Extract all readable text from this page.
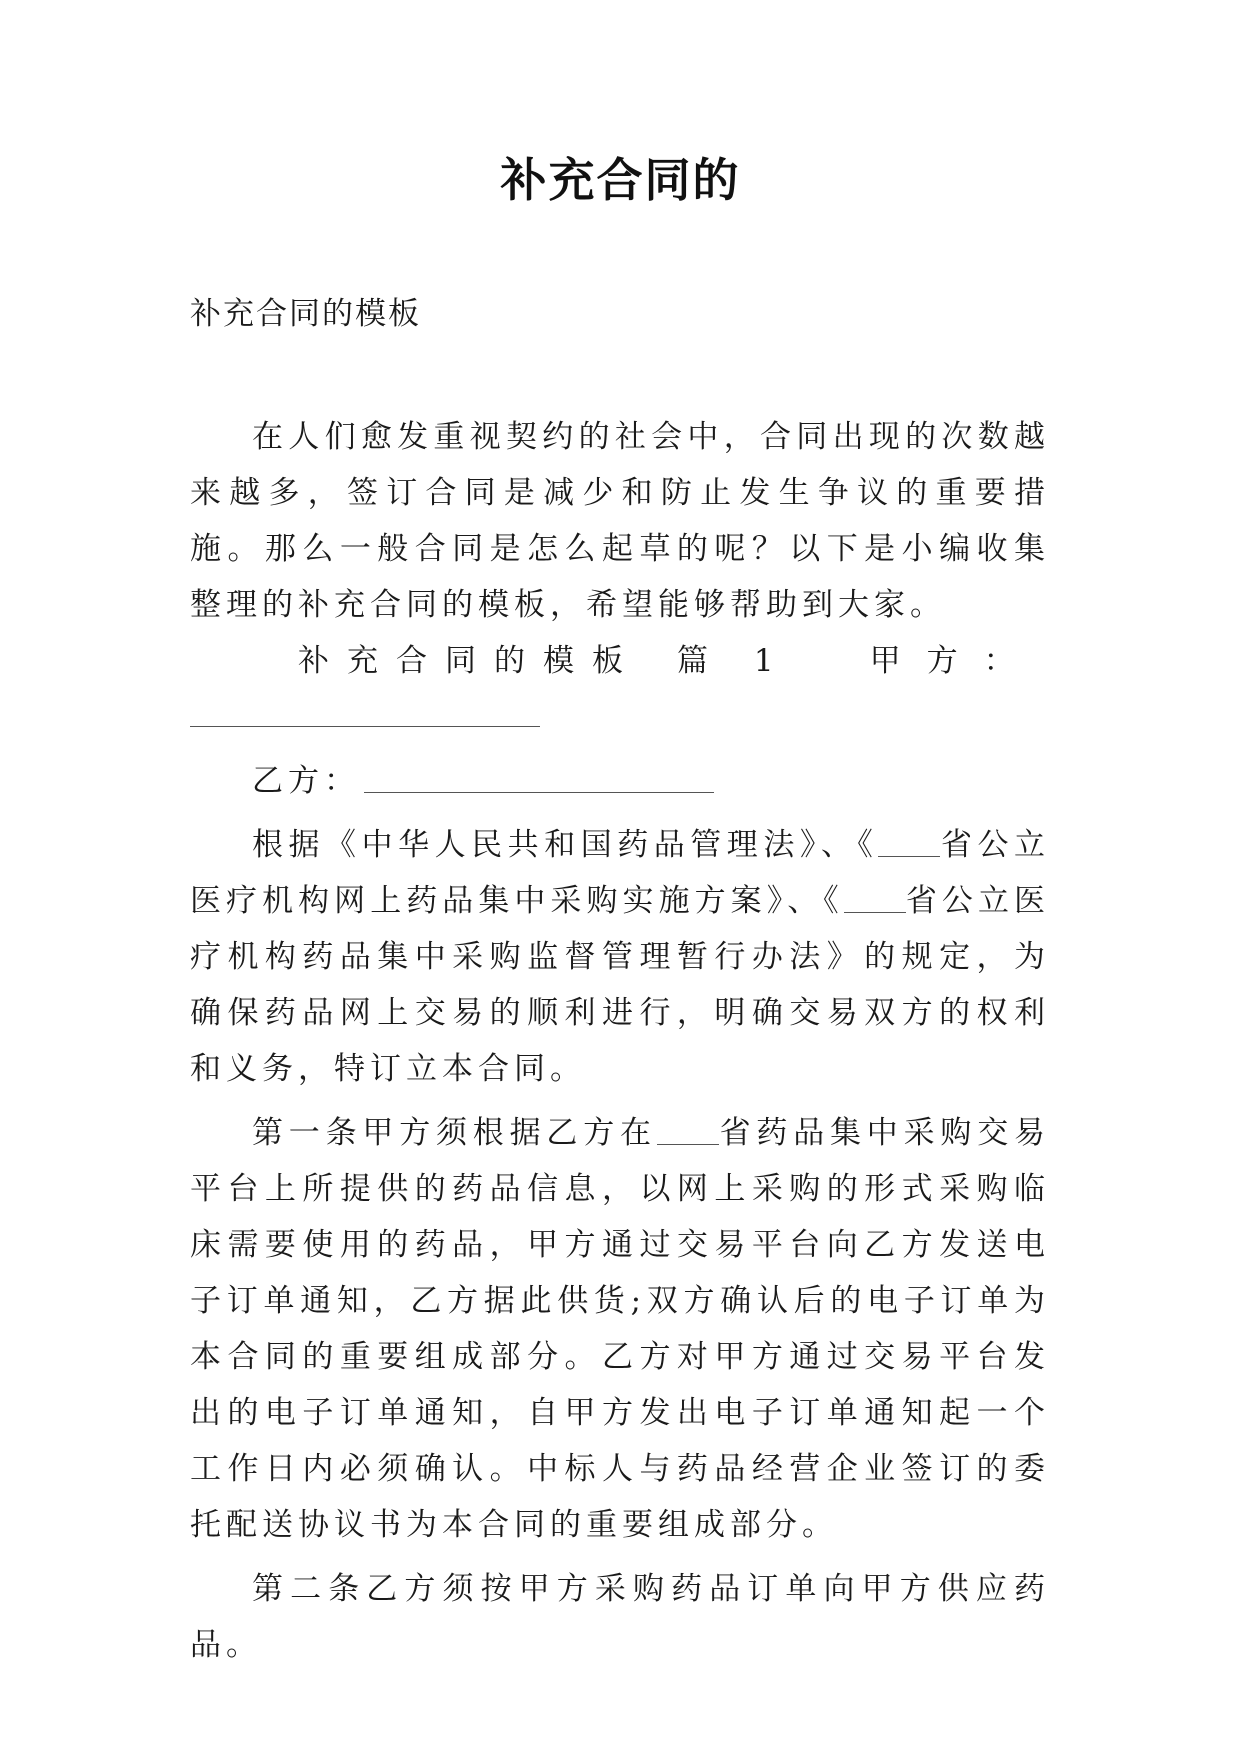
补充合同的
补充合同的模板

在人们愈发重视契约的社会中，合同出现的次数越来越多，签订合同是减少和防止发生争议的重要措施。那么一般合同是怎么起草的呢？以下是小编收集整理的补充合同的模板，希望能够帮助到大家。

补充合同的模板 篇 1	甲方：

乙方：

根据《中华人民共和国药品管理法》、《 省公立医疗机构网上药品集中采购实施方案》、《 省公立医疗机构药品集中采购监督管理暂行办法》的规定，为确保药品网上交易的顺利进行，明确交易双方的权利和义务，特订立本合同。

第一条甲方须根据乙方在 省药品集中采购交易平台上所提供的药品信息，以网上采购的形式采购临床需要使用的药品，甲方通过交易平台向乙方发送电子订单通知，乙方据此供货;双方确认后的电子订单为本合同的重要组成部分。乙方对甲方通过交易平台发出的电子订单通知，自甲方发出电子订单通知起一个工作日内必须确认。中标人与药品经营企业签订的委托配送协议书为本合同的重要组成部分。

第二条乙方须按甲方采购药品订单向甲方供应药品。
